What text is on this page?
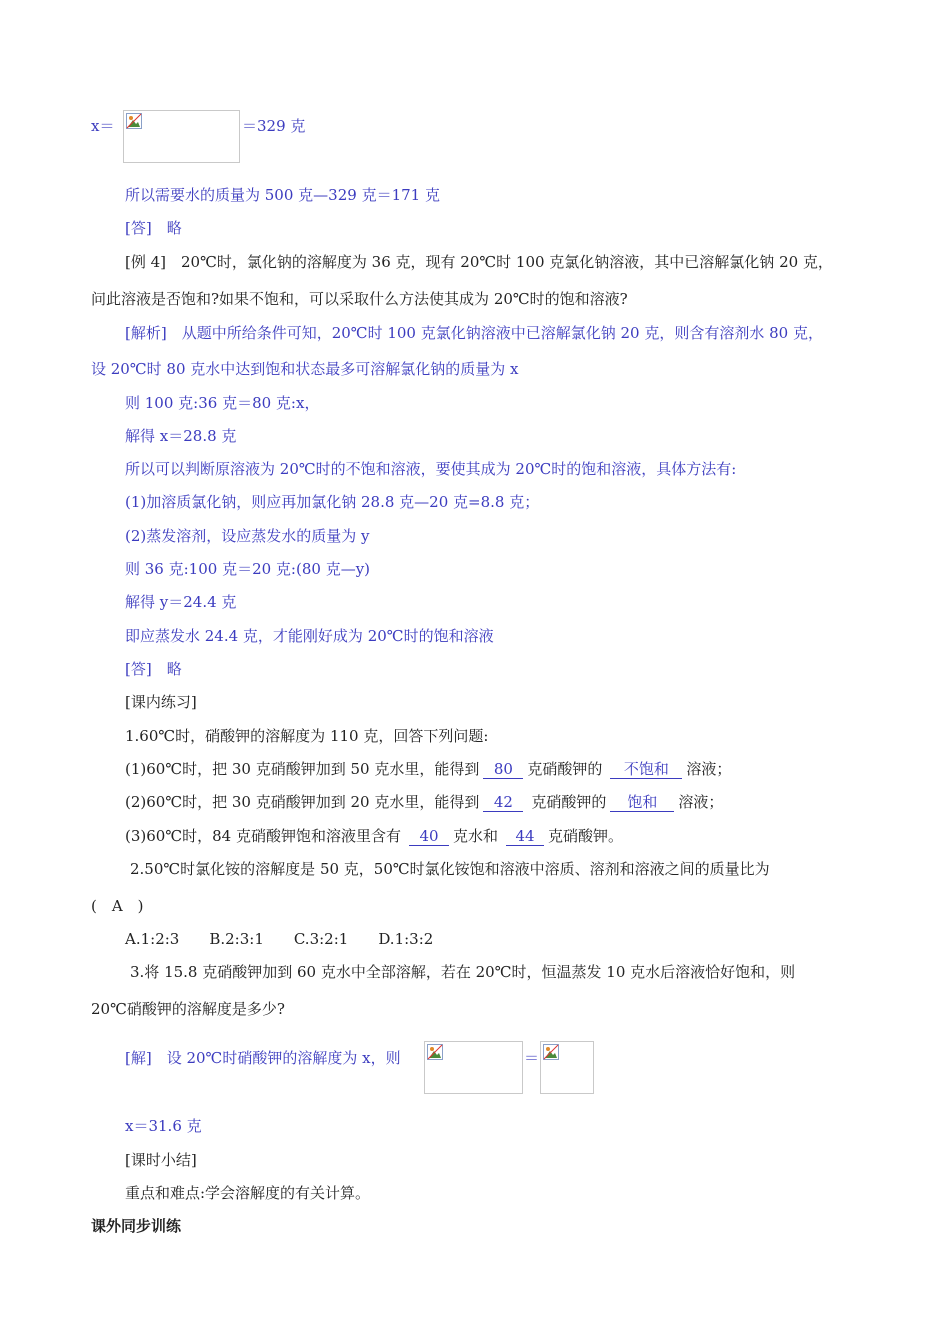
x＝	＝329 克
所以需要水的质量为 500 克—329 克＝171 克
[答]　略
[例 4]　20℃时，氯化钠的溶解度为 36 克，现有 20℃时 100 克氯化钠溶液，其中已溶解氯化钠 20 克，
问此溶液是否饱和?如果不饱和，可以采取什么方法使其成为 20℃时的饱和溶液?
[解析]　从题中所给条件可知，20℃时 100 克氯化钠溶液中已溶解氯化钠 20 克，则含有溶剂水 80 克，
设 20℃时 80 克水中达到饱和状态最多可溶解氯化钠的质量为 x
则 100 克:36 克＝80 克:x，
解得 x＝28.8 克
所以可以判断原溶液为 20℃时的不饱和溶液，要使其成为 20℃时的饱和溶液，具体方法有:
(1)加溶质氯化钠，则应再加氯化钠 28.8 克—20 克=8.8 克；
(2)蒸发溶剂，设应蒸发水的质量为 y
则 36 克:100 克＝20 克:(80 克—y)
解得 y＝24.4 克
即应蒸发水 24.4 克，才能刚好成为 20℃时的饱和溶液
[答]　略
[课内练习]
1.60℃时，硝酸钾的溶解度为 110 克，回答下列问题:
(1)60℃时，把 30 克硝酸钾加到 50 克水里，能得到 80 克硝酸钾的 不饱和 溶液；
(2)60℃时，把 30 克硝酸钾加到 20 克水里，能得到 42 克硝酸钾的 饱和 溶液；
(3)60℃时，84 克硝酸钾饱和溶液里含有 40 克水和 44 克硝酸钾。
2.50℃时氯化铵的溶解度是 50 克，50℃时氯化铵饱和溶液中溶质、溶剂和溶液之间的质量比为
(　A　)
A.1:2:3　　B.2:3:1　　C.3:2:1　　D.1:3:2
3.将 15.8 克硝酸钾加到 60 克水中全部溶解，若在 20℃时，恒温蒸发 10 克水后溶液恰好饱和，则
20℃硝酸钾的溶解度是多少?
[解]　设 20℃时硝酸钾的溶解度为 x，则	＝
x＝31.6 克
[课时小结]
重点和难点:学会溶解度的有关计算。
课外同步训练
